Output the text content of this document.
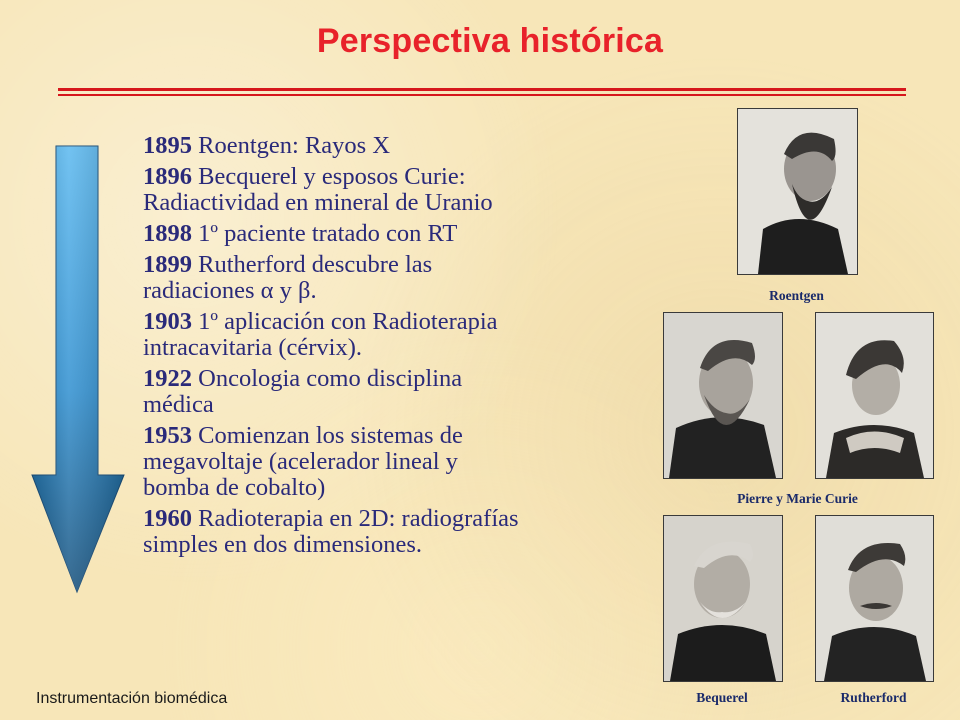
Perspectiva histórica
1895 Roentgen: Rayos X
1896 Becquerel y esposos Curie:
Radiactividad en mineral de Uranio
1898 1º paciente tratado con RT
1899 Rutherford descubre las
radiaciones α y β.
1903 1º aplicación con Radioterapia
intracavitaria (cérvix).
1922 Oncologia como disciplina
médica
1953 Comienzan los sistemas de
megavoltaje (acelerador lineal y
bomba de cobalto)
1960 Radioterapia en 2D: radiografías
simples en dos dimensiones.
Roentgen
Pierre y Marie Curie
Bequerel	Rutherford
Instrumentación biomédica
